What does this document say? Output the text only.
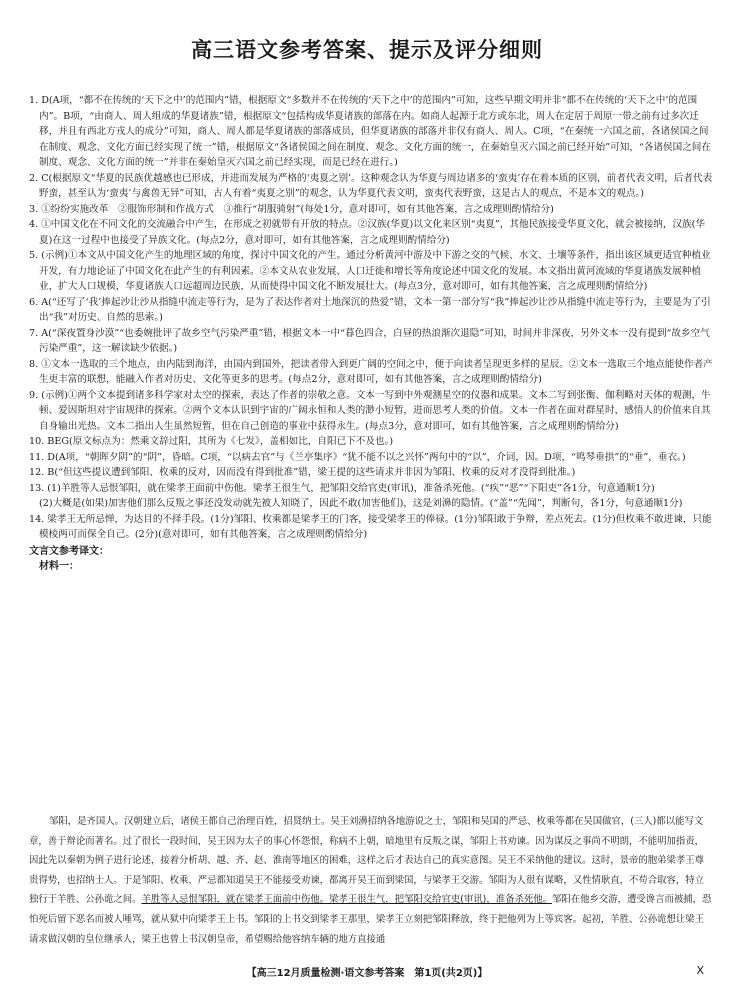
高三语文参考答案、提示及评分细则

1. D(A项，“都不在传统的‘天下之中’的范围内”错，根据原文“多数并不在传统的‘天下之中’的范围内”可知，这些早期文明并非“都不在传统的‘天下之中’的范围内”。B项，“由商人、周人组成的华夏诸族”错，根据原文“包括构成华夏诸族的部落在内。如商人起源于北方或东北，周人在定居于周原一带之前有过多次迁移，并且有西北方戎人的成分”可知，商人、周人都是华夏诸族的部落成员，但华夏诸族的部落并非仅有商人、周人。C项，“在秦统一六国之前，各诸侯国之间在制度、观念、文化方面已经实现了统一”错，根据原文“各诸侯国之间在制度、观念、文化方面的统一，在秦始皇灭六国之前已经开始”可知，“各诸侯国之间在制度、观念、文化方面的统一”并非在秦始皇灭六国之前已经实现，而是已经在进行。)

2. C(根据原文“华夏的民族优越感也已形成，并进而发展为严格的‘夷夏之别’。这种观念认为华夏与周边诸多的‘蛮夷’存在着本质的区别，前者代表文明，后者代表野蛮，甚至认为‘蛮夷’与禽兽无异”可知，古人有着“夷夏之别”的观念，认为华夏代表文明，蛮夷代表野蛮，这是古人的观点，不是本文的观点。)

3. ①纷纷实施改革　②服饰形制和作战方式　③推行“胡服骑射”(每处1分，意对即可，如有其他答案，言之成理则酌情给分)

4. ①中国文化在不同文化的交流融合中产生，在形成之初就带有开放的特点。②汉族(华夏)以文化来区别“夷夏”，其他民族接受华夏文化，就会被接纳，汉族(华夏)在这一过程中也接受了异族文化。(每点2分，意对即可，如有其他答案，言之成理则酌情给分)

5. (示例)①本文从中国文化产生的地理区域的角度，探讨中国文化的产生。通过分析黄河中游及中下游之交的气候、水文、土壤等条件，指出该区域更适宜种植业开发，有力地论证了中国文化在此产生的有利因素。②本文从农业发展、人口迁徙和增长等角度论述中国文化的发展。本文指出黄河流域的华夏诸族发展种植业，扩大人口规模，华夏诸族人口远超周边民族，从而使得中国文化不断发展壮大。(每点3分，意对即可，如有其他答案，言之成理则酌情给分)

6. A(“还写了‘我’捧起沙让沙从指缝中流走等行为，是为了表达作者对土地深沉的热爱”错，文本一第一部分写“我”捧起沙让沙从指缝中流走等行为，主要是为了引出“我”对历史、自然的思索。)

7. A(“深夜置身沙漠”“也委婉批评了故乡空气污染严重”错，根据文本一中“暮色四合，白昼的热浪渐次退隐”可知，时间并非深夜，另外文本一没有提到“故乡空气污染严重”，这一解读缺少依据。)

8. ①文本一选取的三个地点，由内陆到海洋，由国内到国外，把读者带入到更广阔的空间之中，便于向读者呈现更多样的星辰。②文本一选取三个地点能使作者产生更丰富的联想，能融入作者对历史、文化等更多的思考。(每点2分，意对即可，如有其他答案，言之成理则酌情给分)

9. (示例)①两个文本提到诸多科学家对太空的探索，表达了作者的崇敬之意。文本一写到中外观测星空的仪器和成果。文本二写到张衡、伽利略对天体的观测，牛顿、爱因斯坦对宇宙规律的探索。②两个文本认识到宇宙的广阔永恒和人类的渺小短暂，进而思考人类的价值。文本一作者在面对群星时，感悟人的价值来自其自身输出光热。文本二指出人生虽然短暂，但在自己创造的事业中获得永生。(每点3分，意对即可，如有其他答案，言之成理则酌情给分)

10. BEG(原文标点为：然乘文辞过阳，其所为《七发》，盖相如比，自阳已下不及也。)

11. D(A项，“朝晖夕阴”的“阴”，昏暗。C项，“以病去官”与《兰亭集序》“犹不能不以之兴怀”两句中的“以”，介词，因。D项，“鸣琴垂拱”的“垂”，垂衣。)

12. B(“但这些提议遭到邹阳、枚乘的反对，因而没有得到批准”错，梁王提的这些请求并非因为邹阳、枚乘的反对才没得到批准。)

13. (1)羊胜等人忌恨邹阳，就在梁孝王面前中伤他。梁孝王很生气，把邹阳交给官吏(审讯)，准备杀死他。(“疾”“恶”“下阳吏”各1分，句意通顺1分)

(2)大概是(如果)加害他们那么反叛之事还没发动就先被人知晓了，因此不敢(加害他们)，这是刘濞的隐情。(“盖”“先闻”，判断句，各1分，句意通顺1分)

14. 梁孝王无所忌惮，为达目的不择手段。(1分)邹阳、枚乘都是梁孝王的门客，接受梁孝王的俸禄。(1分)邹阳敢于争辩，差点死去。(1分)但枚乘不敢进谏，只能模棱两可而保全自己。(2分)(意对即可，如有其他答案，言之成理则酌情给分)

文言文参考译文：
材料一：

邹阳，是齐国人。汉朝建立后，诸侯王都自己治理百姓，招贤纳士。吴王刘濞招纳各地游说之士，邹阳和吴国的严忌、枚乘等都在吴国做官，(三人)都以能写文章，善于辩论而著名。过了很长一段时间，吴王因为太子的事心怀怨恨，称病不上朝，暗地里有反叛之谋，邹阳上书劝谏。因为谋反之事尚不明朗，不能明加指责，因此先以秦朝为例子进行论述，接着分析胡、越、齐、赵、淮南等地区的困难，这样之后才表达自己的真实意图。吴王不采纳他的建议。这时，景帝的胞弟梁孝王尊贵得势，也招纳士人。于是邹阳、枚乘、严忌都知道吴王不能接受劝谏，都离开吴王而到梁国，与梁孝王交游。邹阳为人很有谋略，又性情耿直，不苟合取容，特立独行于羊胜、公孙诡之间。羊胜等人忌恨邹阳，就在梁孝王面前中伤他。梁孝王很生气，把邹阳交给官吏(审讯)，准备杀死他。邹阳在他乡交游，遭受谗言而被捕，恐怕死后留下恶名而被人唾骂，就从狱中向梁孝王上书。邹阳的上书交到梁孝王那里，梁孝王立刻把邹阳释放，终于把他列为上等宾客。起初，羊胜、公孙诡想让梁王请求做汉朝的皇位继承人，梁王也曾上书汉朝皇帝，希望赐给他容纳车辆的地方直接通

【高三12月质量检测·语文参考答案　第1页(共2页)】	X
